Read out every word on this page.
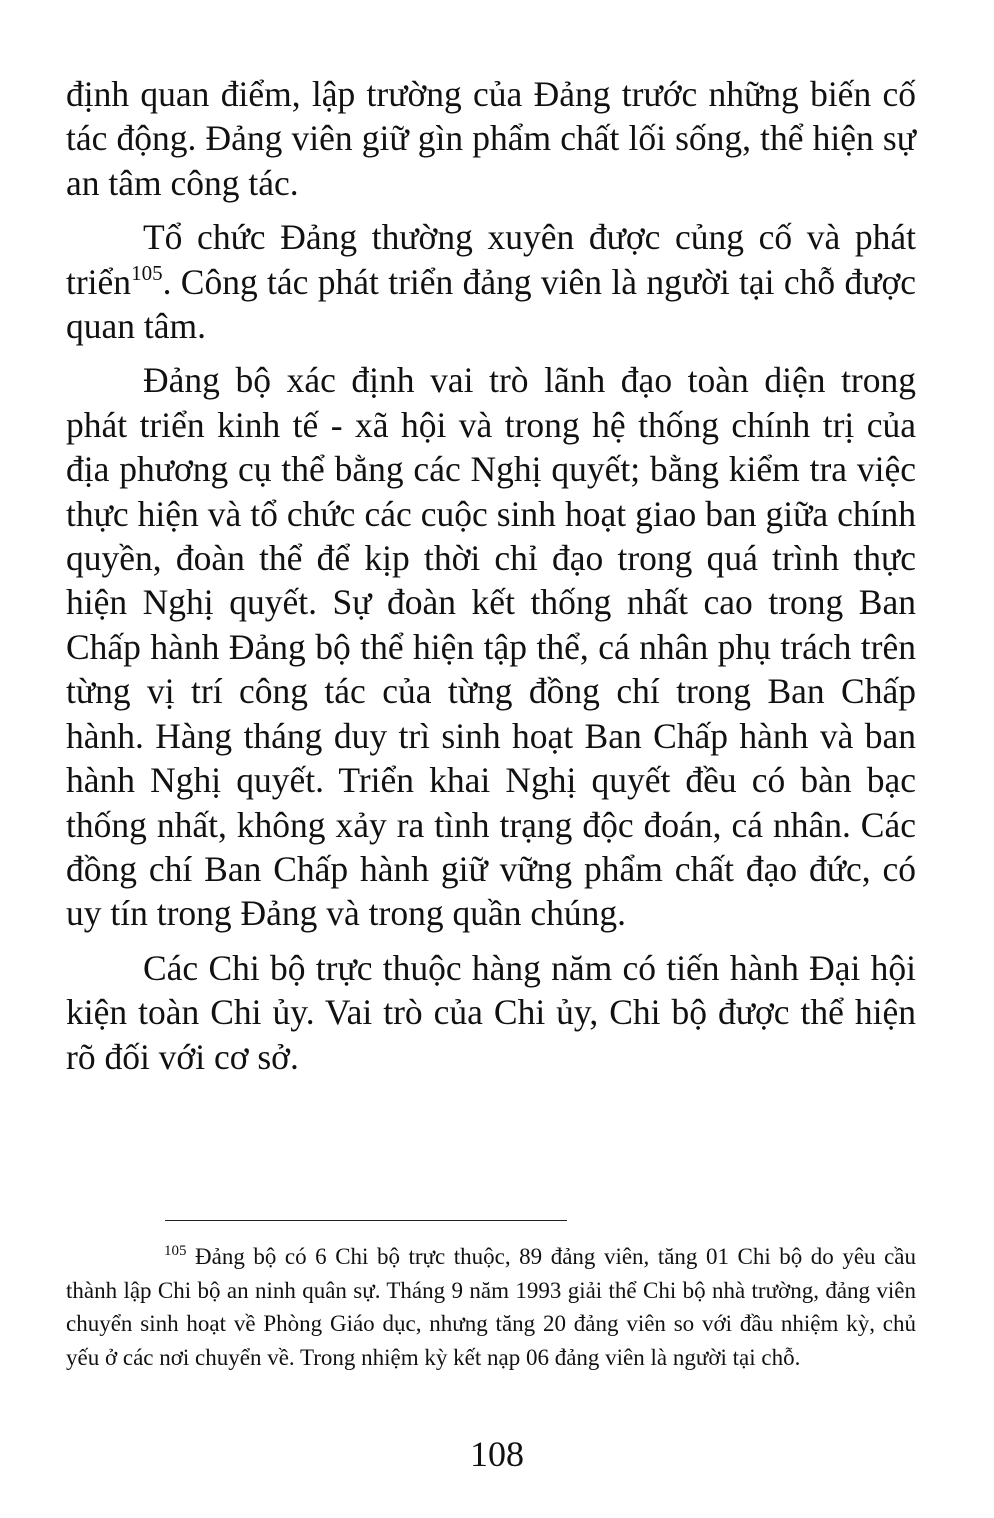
định quan điểm, lập trường của Đảng trước những biến cố tác động. Đảng viên giữ gìn phẩm chất lối sống, thể hiện sự an tâm công tác.

Tổ chức Đảng thường xuyên được củng cố và phát triển$^{105}$. Công tác phát triển đảng viên là người tại chỗ được quan tâm.

Đảng bộ xác định vai trò lãnh đạo toàn diện trong phát triển kinh tế - xã hội và trong hệ thống chính trị của địa phương cụ thể bằng các Nghị quyết; bằng kiểm tra việc thực hiện và tổ chức các cuộc sinh hoạt giao ban giữa chính quyền, đoàn thể để kịp thời chỉ đạo trong quá trình thực hiện Nghị quyết. Sự đoàn kết thống nhất cao trong Ban Chấp hành Đảng bộ thể hiện tập thể, cá nhân phụ trách trên từng vị trí công tác của từng đồng chí trong Ban Chấp hành. Hàng tháng duy trì sinh hoạt Ban Chấp hành và ban hành Nghị quyết. Triển khai Nghị quyết đều có bàn bạc thống nhất, không xảy ra tình trạng độc đoán, cá nhân. Các đồng chí Ban Chấp hành giữ vững phẩm chất đạo đức, có uy tín trong Đảng và trong quần chúng.

Các Chi bộ trực thuộc hàng năm có tiến hành Đại hội kiện toàn Chi ủy. Vai trò của Chi ủy, Chi bộ được thể hiện rõ đối với cơ sở.

$^{105}$ Đảng bộ có 6 Chi bộ trực thuộc, 89 đảng viên, tăng 01 Chi bộ do yêu cầu thành lập Chi bộ an ninh quân sự. Tháng 9 năm 1993 giải thể Chi bộ nhà trường, đảng viên chuyển sinh hoạt về Phòng Giáo dục, nhưng tăng 20 đảng viên so với đầu nhiệm kỳ, chủ yếu ở các nơi chuyển về. Trong nhiệm kỳ kết nạp 06 đảng viên là người tại chỗ.

108
